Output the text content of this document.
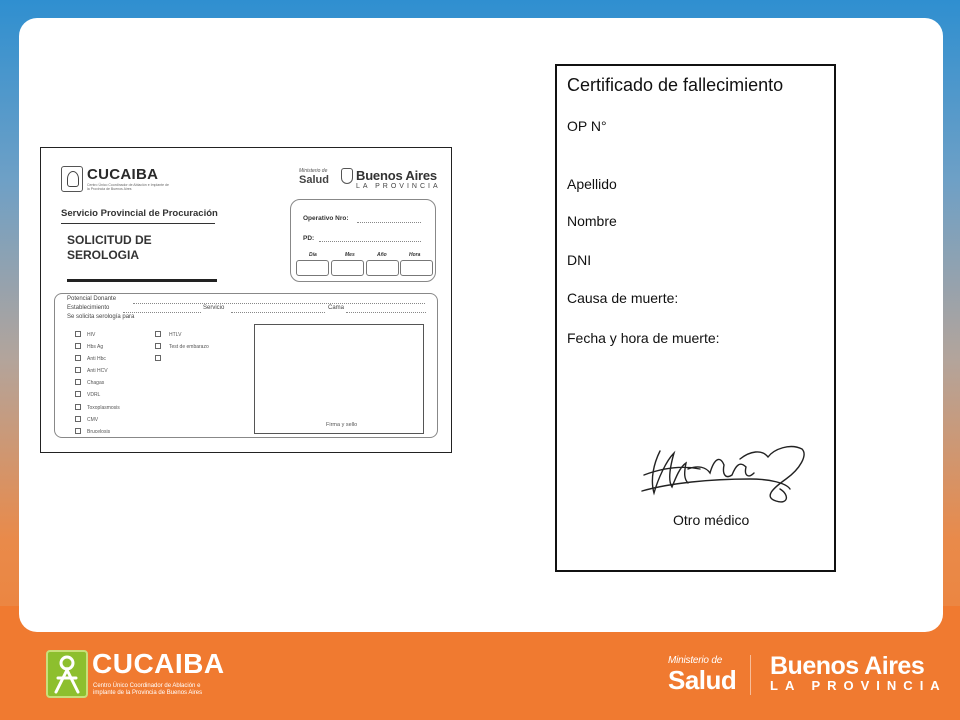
CUCAIBA
Centro Único Coordinador de Ablación e Implante de la Provincia de Buenos Aires
Ministerio de
Salud	Buenos Aires
LA PROVINCIA
Servicio Provincial de Procuración
SOLICITUD DE SEROLOGIA
Operativo Nro:
PD:
Día	Mes	Año	Hora
Potencial Donante
Establecimiento	Servicio	Cama
Se solicita serología para
HIV
Hbs Ag
Anti Hbc
Anti HCV
Chagas
VDRL
Toxoplasmosis
CMV
Brucelosis
HTLV
Test de embarazo
Firma y sello
Certificado de fallecimiento
OP N°
Apellido
Nombre
DNI
Causa de muerte:
Fecha y hora de muerte:
Otro médico
CUCAIBA
Centro Único Coordinador de Ablación e implante de la Provincia de Buenos Aires
Ministerio de
Salud Buenos Aires
LA PROVINCIA
